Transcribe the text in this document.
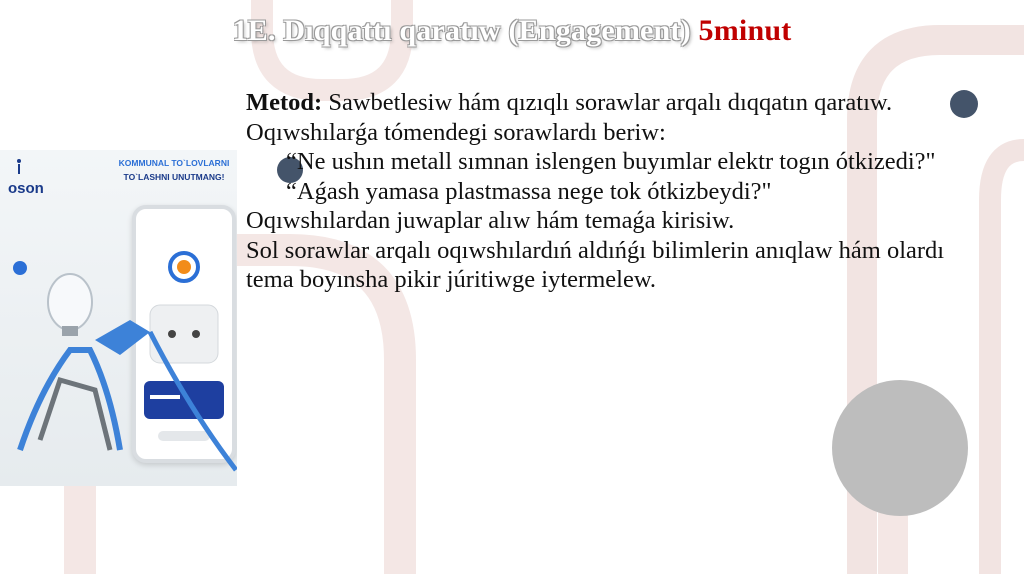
1E. Dıqqattı qaratıw (Engagement) 5minut
oson
KOMMUNAL TO`LOVLARNI
TO`LASHNI UNUTMANG!

Metod: Sawbetlesiw hám qızıqlı sorawlar arqalı dıqqatın qaratıw.

Oqıwshılarǵa tómendegi sorawlardı beriw:

“Ne ushın metall sımnan islengen buyımlar elektr togın ótkizedi?"

“Aǵash yamasa plastmassa nege tok ótkizbeydi?"

Oqıwshılardan juwaplar alıw hám temaǵa kirisiw.

Sol sorawlar arqalı oqıwshılardıń aldıńǵı bilimlerin anıqlaw hám olardı tema boyınsha pikir júritiwge iytermelew.
